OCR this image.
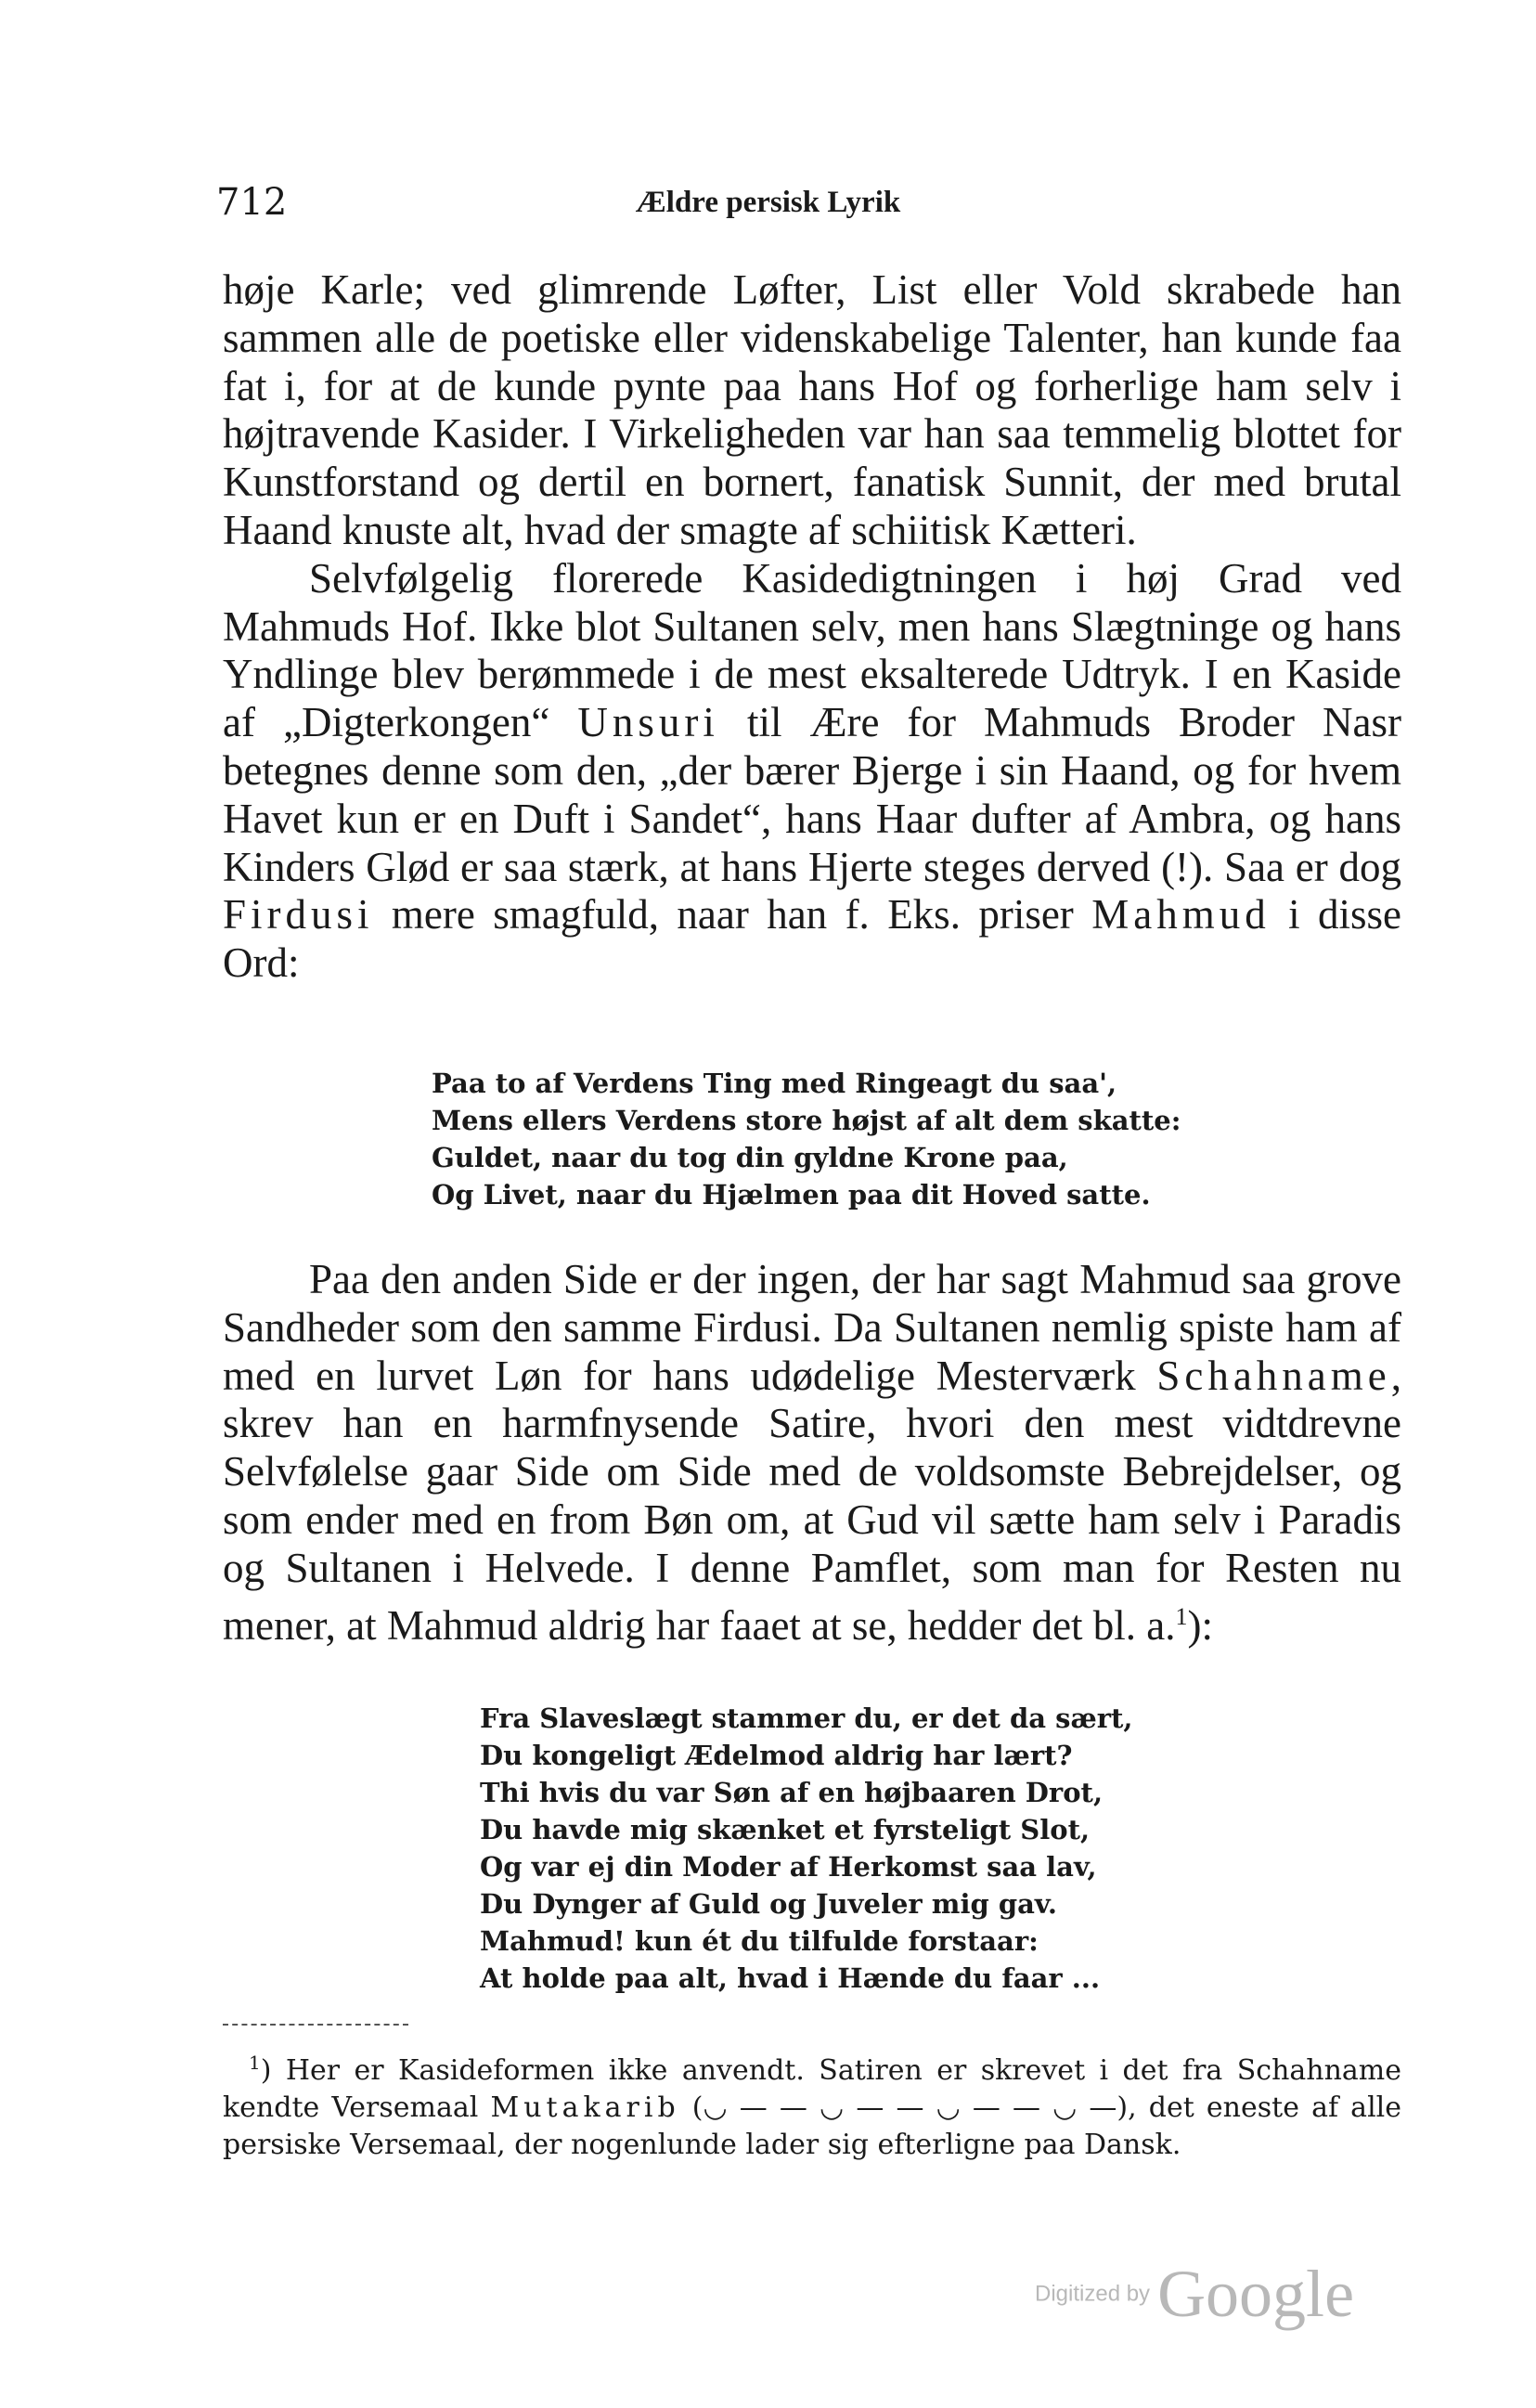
712	Ældre persisk Lyrik

høje Karle; ved glimrende Løfter, List eller Vold skrabede han sammen alle de poetiske eller videnskabelige Talenter, han kunde faa fat i, for at de kunde pynte paa hans Hof og forherlige ham selv i højtravende Kasider. I Virkeligheden var han saa temmelig blottet for Kunstforstand og dertil en bornert, fanatisk Sunnit, der med brutal Haand knuste alt, hvad der smagte af schiitisk Kætteri.

Selvfølgelig florerede Kasidedigtningen i høj Grad ved Mahmuds Hof. Ikke blot Sultanen selv, men hans Slægtninge og hans Yndlinge blev berømmede i de mest eksalterede Udtryk. I en Kaside af „Digterkongen“ Unsuri til Ære for Mahmuds Broder Nasr betegnes denne som den, „der bærer Bjerge i sin Haand, og for hvem Havet kun er en Duft i Sandet“, hans Haar dufter af Ambra, og hans Kinders Glød er saa stærk, at hans Hjerte steges derved (!). Saa er dog Firdusi mere smagfuld, naar han f. Eks. priser Mahmud i disse Ord:

Paa to af Verdens Ting med Ringeagt du saa',
Mens ellers Verdens store højst af alt dem skatte:
Guldet, naar du tog din gyldne Krone paa,
Og Livet, naar du Hjælmen paa dit Hoved satte.

Paa den anden Side er der ingen, der har sagt Mahmud saa grove Sandheder som den samme Firdusi. Da Sultanen nemlig spiste ham af med en lurvet Løn for hans udødelige Mesterværk Schahname, skrev han en harmfnysende Satire, hvori den mest vidtdrevne Selvfølelse gaar Side om Side med de voldsomste Bebrejdelser, og som ender med en from Bøn om, at Gud vil sætte ham selv i Paradis og Sultanen i Helvede. I denne Pamflet, som man for Resten nu mener, at Mahmud aldrig har faaet at se, hedder det bl. a.$^1$):

Fra Slaveslægt stammer du, er det da sært,
Du kongeligt Ædelmod aldrig har lært?
Thi hvis du var Søn af en højbaaren Drot,
Du havde mig skænket et fyrsteligt Slot,
Og var ej din Moder af Herkomst saa lav,
Du Dynger af Guld og Juveler mig gav.
Mahmud! kun ét du tilfulde forstaar:
At holde paa alt, hvad i Hænde du faar ...

$^1$) Her er Kasideformen ikke anvendt. Satiren er skrevet i det fra Schahname kendte Versemaal Mutakarib (◡ — — ◡ — — ◡ — — ◡ —), det eneste af alle persiske Versemaal, der nogenlunde lader sig efterligne paa Dansk.

Digitized by Google
